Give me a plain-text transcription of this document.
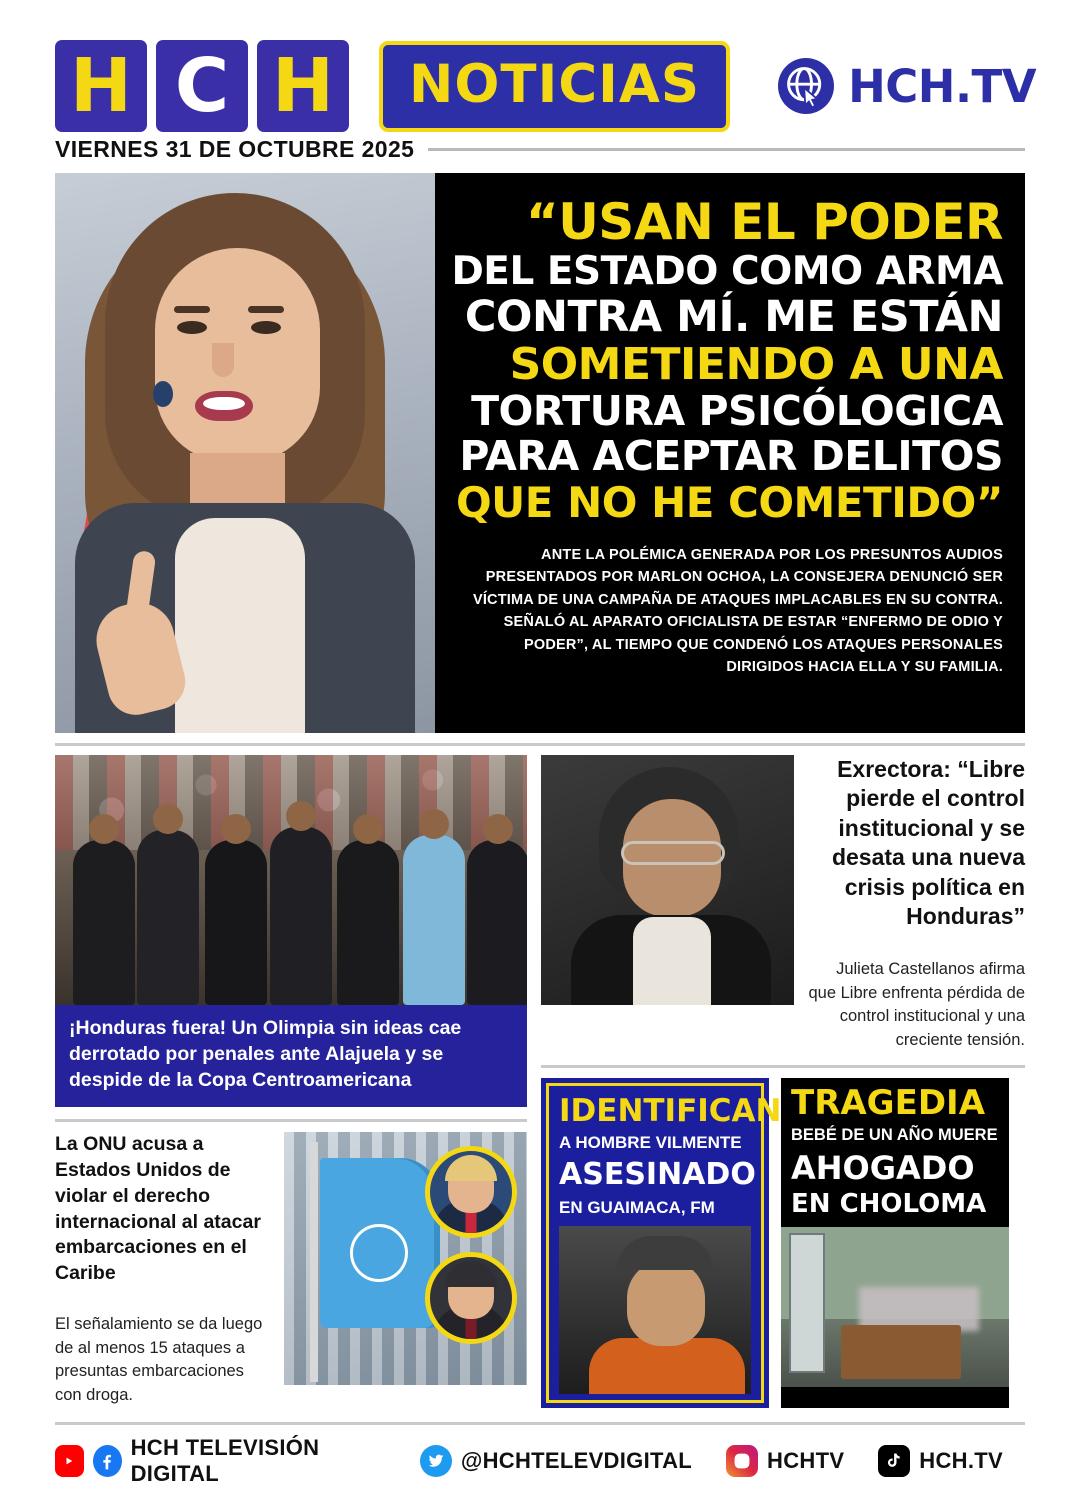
H C H	NOTICIAS	HCH.TV
VIERNES 31 DE OCTUBRE 2025
“USAN EL PODER
DEL ESTADO COMO ARMA
CONTRA MÍ. ME ESTÁN
SOMETIENDO A UNA
TORTURA PSICÓLOGICA
PARA ACEPTAR DELITOS
QUE NO HE COMETIDO”
ANTE LA POLÉMICA GENERADA POR LOS PRESUNTOS AUDIOS PRESENTADOS POR MARLON OCHOA, LA CONSEJERA DENUNCIÓ SER VÍCTIMA DE UNA CAMPAÑA DE ATAQUES IMPLACABLES EN SU CONTRA. SEÑALÓ AL APARATO OFICIALISTA DE ESTAR “ENFERMO DE ODIO Y PODER”, AL TIEMPO QUE CONDENÓ LOS ATAQUES PERSONALES DIRIGIDOS HACIA ELLA Y SU FAMILIA.
¡Honduras fuera! Un Olimpia sin ideas cae derrotado por penales ante Alajuela y se despide de la Copa Centroamericana
La ONU acusa a Estados Unidos de violar el derecho internacional al atacar embarcaciones en el Caribe
El señalamiento se da luego de al menos 15 ataques a presuntas embarcaciones con droga.
Exrectora: “Libre pierde el control institucional y se desata una nueva crisis política en Honduras”
Julieta Castellanos afirma que Libre enfrenta pérdida de control institucional y una creciente tensión.
IDENTIFICAN
A HOMBRE VILMENTE
ASESINADO
EN GUAIMACA, FM
TRAGEDIA
BEBÉ DE UN AÑO MUERE
AHOGADO
EN CHOLOMA
HCH TELEVISIÓN DIGITAL
@HCHTELEVDIGITAL	HCHTV	HCH.TV
